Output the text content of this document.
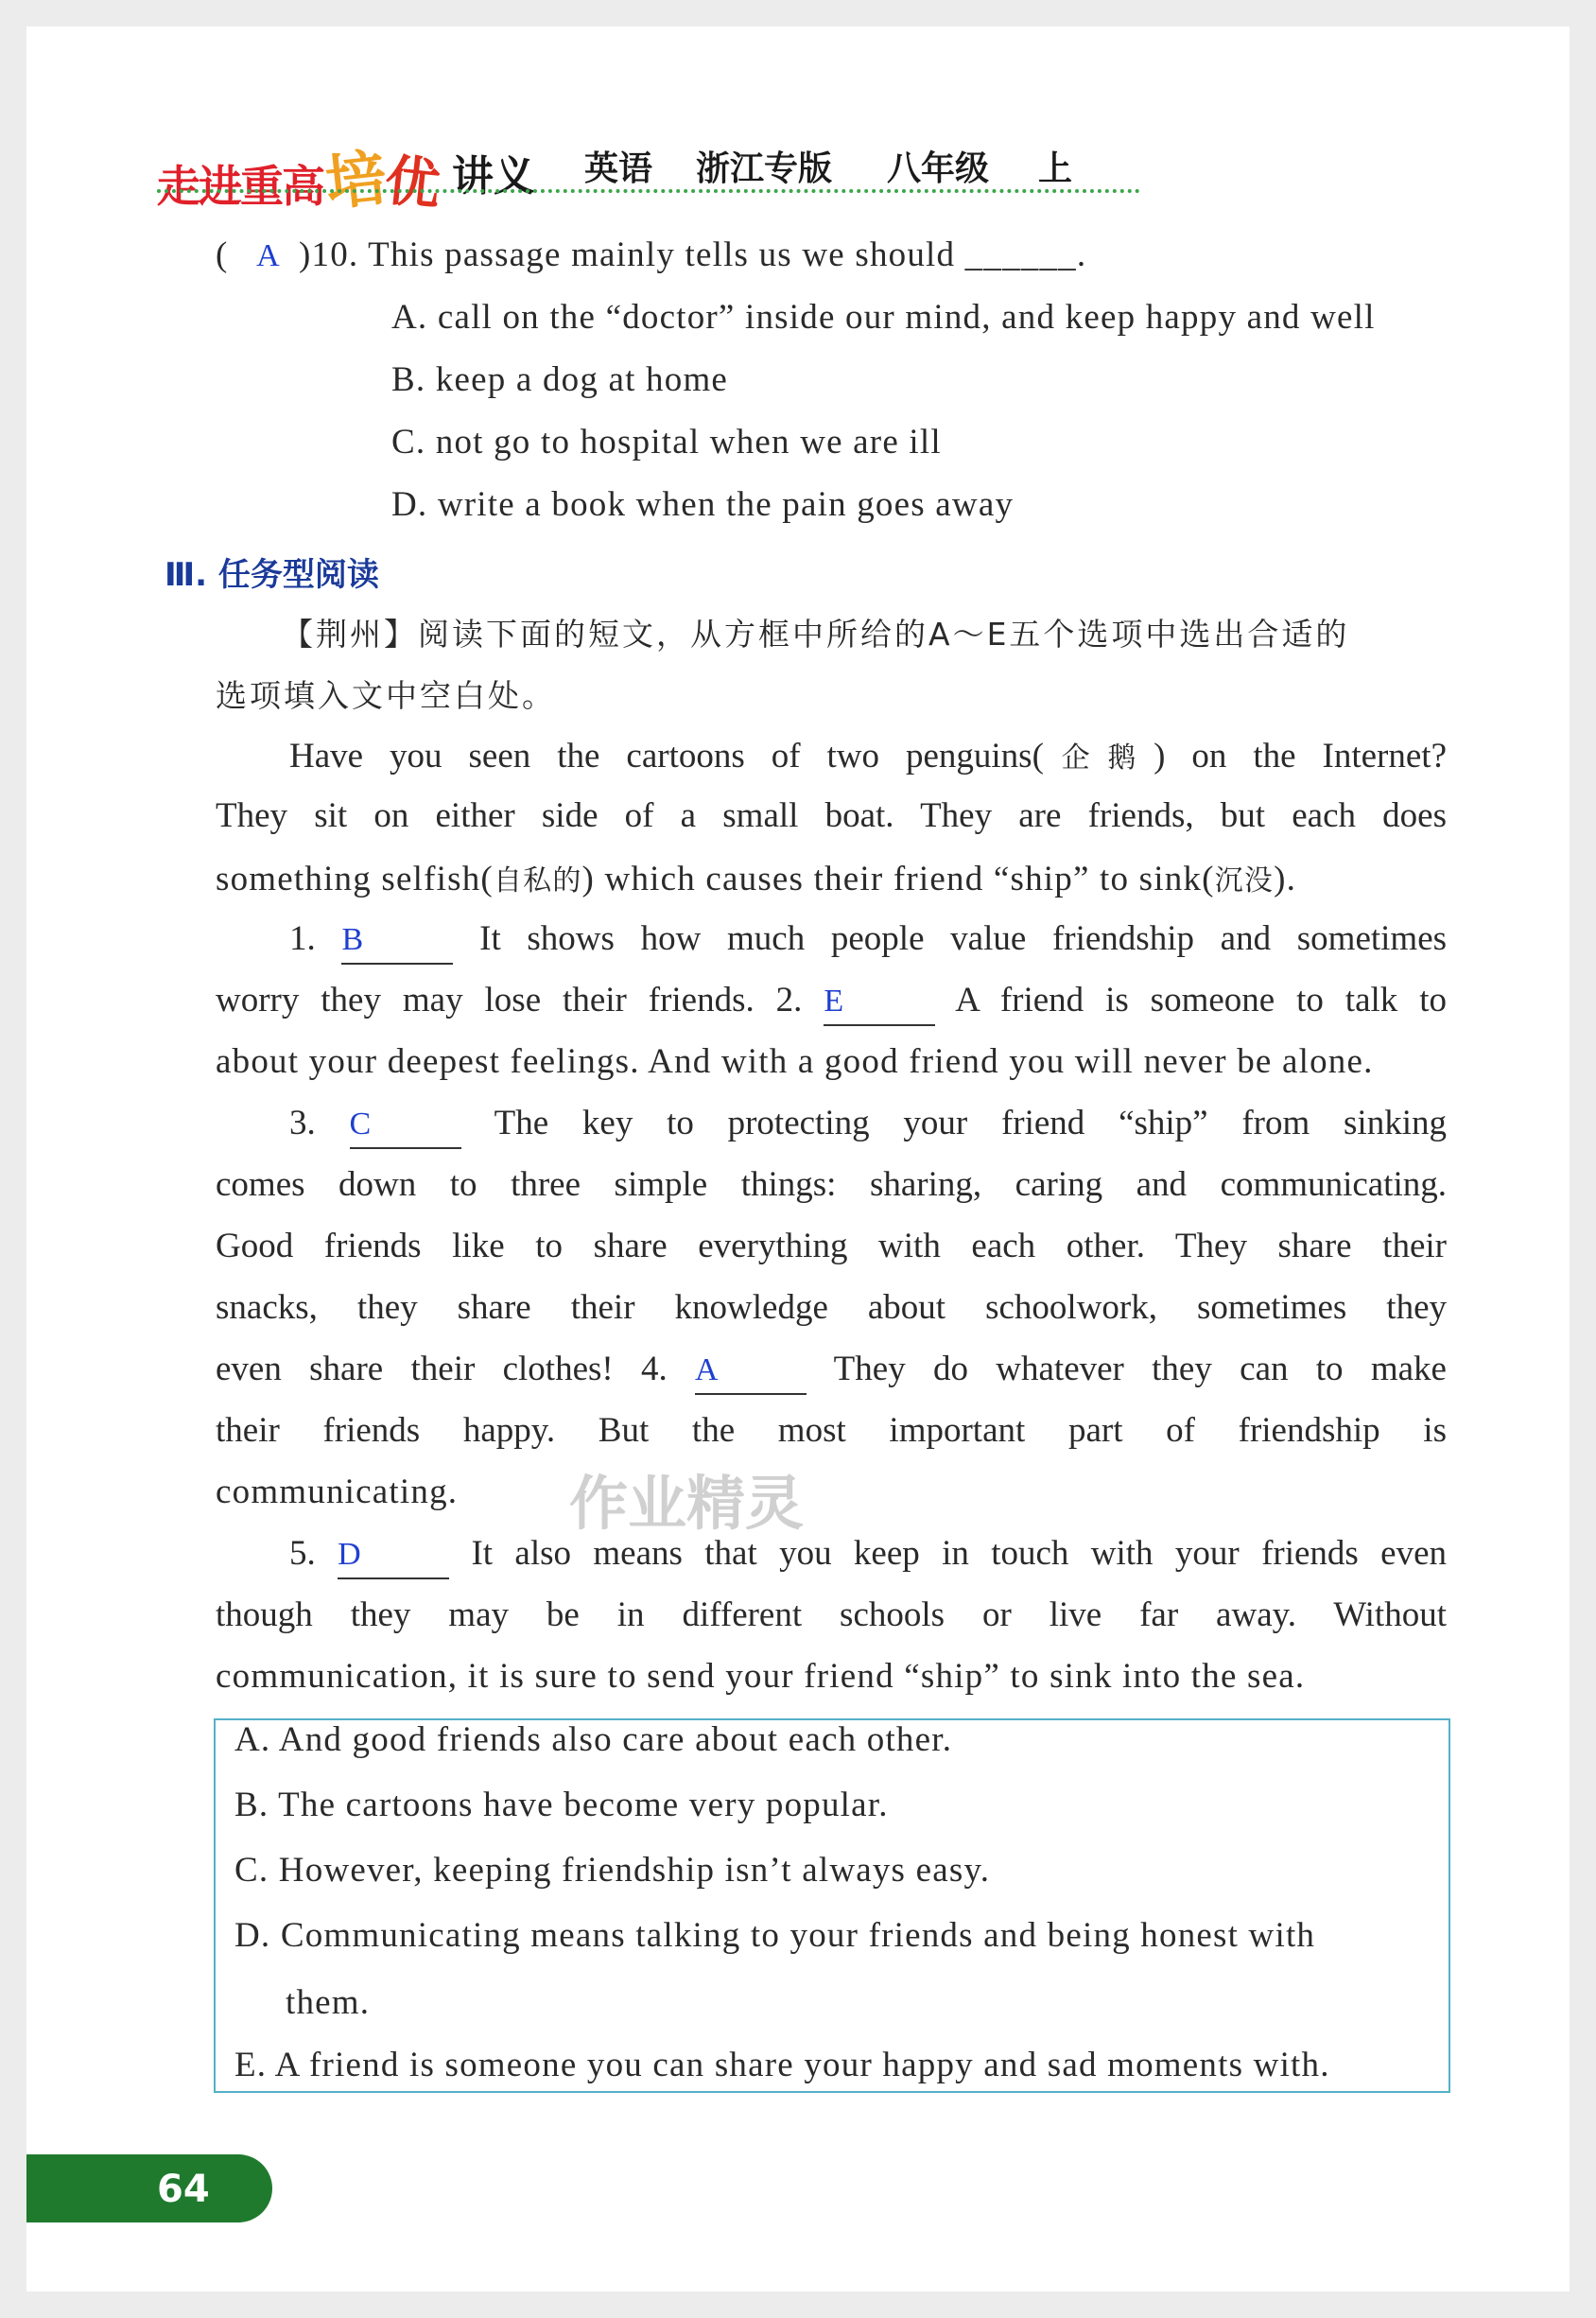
走进重高培优 讲义 英语 浙江专版 八年级 上
( A )10. This passage mainly tells us we should ______.
A. call on the “doctor” inside our mind, and keep happy and well
B. keep a dog at home
C. not go to hospital when we are ill
D. write a book when the pain goes away
Ⅲ. 任务型阅读
【荆州】阅读下面的短文，从方框中所给的A～E五个选项中选出合适的
选项填入文中空白处。
Have you seen the cartoons of two penguins(企鹅) on the Internet?
They sit on either side of a small boat. They are friends, but each does
something selfish(自私的) which causes their friend “ship” to sink(沉没).
1. B	It shows how much people value friendship and sometimes
worry they may lose their friends. 2. E	A friend is someone to talk to
about your deepest feelings. And with a good friend you will never be alone.
3. C	The key to protecting your friend “ship” from sinking
comes down to three simple things: sharing, caring and communicating.
Good friends like to share everything with each other. They share their
snacks, they share their knowledge about schoolwork, sometimes they
even share their clothes! 4. A	They do whatever they can to make
their friends happy. But the most important part of friendship is
communicating. 作业精灵
5. D	It also means that you keep in touch with your friends even
though they may be in different schools or live far away. Without
communication, it is sure to send your friend “ship” to sink into the sea.
A. And good friends also care about each other.
B. The cartoons have become very popular.
C. However, keeping friendship isn’t always easy.
D. Communicating means talking to your friends and being honest with
them.
E. A friend is someone you can share your happy and sad moments with.
64
